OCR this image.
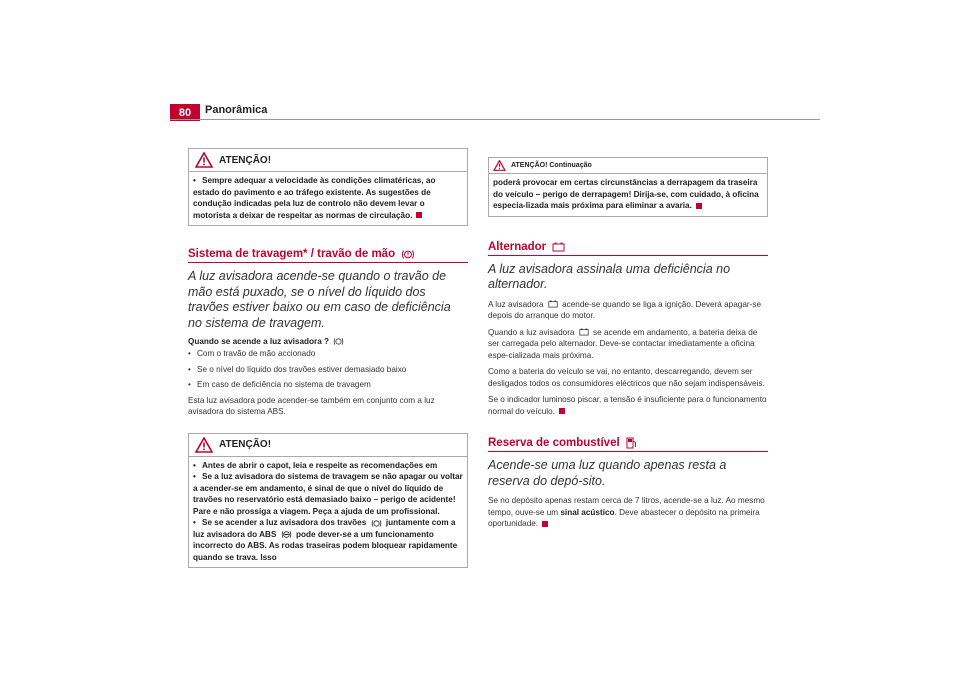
80	Panorâmica
ATENÇÃO!
• Sempre adequar a velocidade às condições climatéricas, ao estado do pavimento e ao tráfego existente. As sugestões de condução indicadas pela luz de controlo não devem levar o motorista a deixar de respeitar as normas de circulação.
Sistema de travagem* / travão de mão
A luz avisadora acende-se quando o travão de mão está puxado, se o nível do líquido dos travões estiver baixo ou em caso de deficiência no sistema de travagem.
Quando se acende a luz avisadora ?
• Com o travão de mão accionado
• Se o nível do líquido dos travões estiver demasiado baixo
• Em caso de deficiência no sistema de travagem
Esta luz avisadora pode acender-se também em conjunto com a luz avisadora do sistema ABS.
ATENÇÃO!
• Antes de abrir o capot, leia e respeite as recomendações em
• Se a luz avisadora do sistema de travagem se não apagar ou voltar a acender-se em andamento, é sinal de que o nível do líquido de travões no reservatório está demasiado baixo – perigo de acidente! Pare e não prossiga a viagem. Peça a ajuda de um profissional.
• Se se acender a luz avisadora dos travões juntamente com a luz avisadora do ABS pode dever-se a um funcionamento incorrecto do ABS. As rodas traseiras podem bloquear rapidamente quando se trava. Isso
ATENÇÃO! Continuação
poderá provocar em certas circunstâncias a derrapagem da traseira do veículo – perigo de derrapagem! Dirija-se, com cuidado, à oficina especia-lizada mais próxima para eliminar a avaria.
Alternador
A luz avisadora assinala uma deficiência no alternador.
A luz avisadora acende-se quando se liga a ignição. Deverá apagar-se depois do arranque do motor.
Quando a luz avisadora se acende em andamento, a bateria deixa de ser carregada pelo alternador. Deve-se contactar imediatamente a oficina espe-cializada mais próxima.
Como a bateria do veículo se vai, no entanto, descarregando, devem ser desligados todos os consumidores eléctricos que não sejam indispensáveis.
Se o indicador luminoso piscar, a tensão é insuficiente para o funcionamento normal do veículo.
Reserva de combustível
Acende-se uma luz quando apenas resta a reserva do depó-sito.
Se no depósito apenas restam cerca de 7 litros, acende-se a luz. Ao mesmo tempo, ouve-se um sinal acústico. Deve abastecer o depósito na primeira oportunidade.
